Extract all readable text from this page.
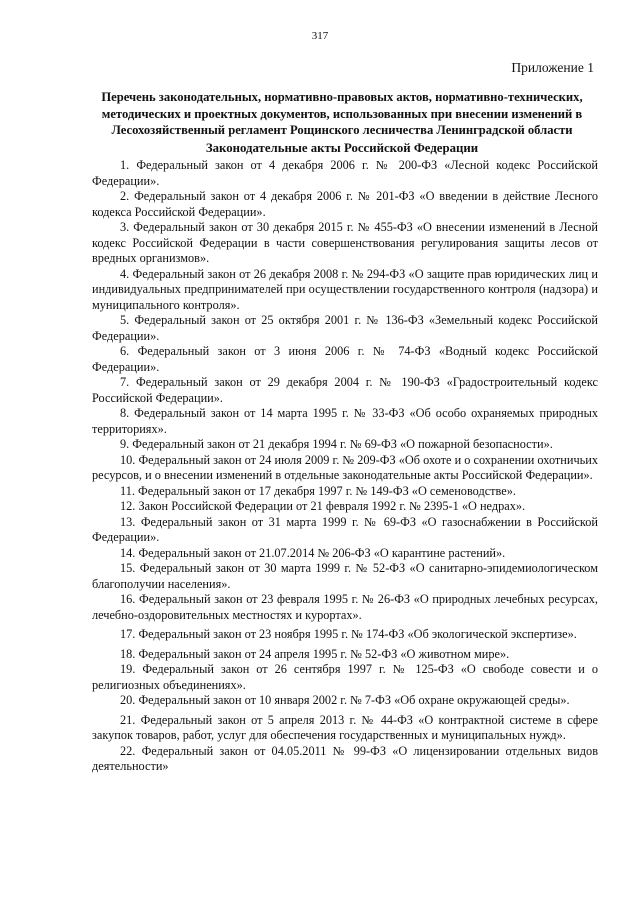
317
Приложение 1
Перечень законодательных, нормативно-правовых актов, нормативно-технических, методических и проектных документов, использованных при внесении изменений в Лесохозяйственный регламент Рощинского лесничества Ленинградской области
Законодательные акты Российской Федерации

1. Федеральный закон от 4 декабря 2006 г. № 200-ФЗ «Лесной кодекс Российской Федерации».

2. Федеральный закон от 4 декабря 2006 г. № 201-ФЗ «О введении в действие Лесного кодекса Российской Федерации».

3. Федеральный закон от 30 декабря 2015 г. № 455-ФЗ «О внесении изменений в Лесной кодекс Российской Федерации в части совершенствования регулирования защиты лесов от вредных организмов».

4. Федеральный закон от 26 декабря 2008 г. № 294-ФЗ «О защите прав юридических лиц и индивидуальных предпринимателей при осуществлении государственного контроля (надзора) и муниципального контроля».

5. Федеральный закон от 25 октября 2001 г. № 136-ФЗ «Земельный кодекс Российской Федерации».

6. Федеральный закон от 3 июня 2006 г. № 74-ФЗ «Водный кодекс Российской Федерации».

7. Федеральный закон от 29 декабря 2004 г. № 190-ФЗ «Градостроительный кодекс Российской Федерации».

8. Федеральный закон от 14 марта 1995 г. № 33-ФЗ «Об особо охраняемых природных территориях».

9. Федеральный закон от 21 декабря 1994 г. № 69-ФЗ «О пожарной безопасности».

10. Федеральный закон от 24 июля 2009 г. № 209-ФЗ «Об охоте и о сохранении охотничьих ресурсов, и о внесении изменений в отдельные законодательные акты Российской Федерации».

11. Федеральный закон от 17 декабря 1997 г. № 149-ФЗ «О семеноводстве».

12. Закон Российской Федерации от 21 февраля 1992 г. № 2395-1 «О недрах».

13. Федеральный закон от 31 марта 1999 г. № 69-ФЗ «О газоснабжении в Российской Федерации».

14. Федеральный закон от 21.07.2014 № 206-ФЗ «О карантине растений».

15. Федеральный закон от 30 марта 1999 г. № 52-ФЗ «О санитарно-эпидемиологическом благополучии населения».

16. Федеральный закон от 23 февраля 1995 г. № 26-ФЗ «О природных лечебных ресурсах, лечебно-оздоровительных местностях и курортах».

17. Федеральный закон от 23 ноября 1995 г. № 174-ФЗ «Об экологической экспертизе».

18. Федеральный закон от 24 апреля 1995 г. № 52-ФЗ «О животном мире».

19. Федеральный закон от 26 сентября 1997 г. № 125-ФЗ «О свободе совести и о религиозных объединениях».

20. Федеральный закон от 10 января 2002 г. № 7-ФЗ «Об охране окружающей среды».

21. Федеральный закон от 5 апреля 2013 г. № 44-ФЗ «О контрактной системе в сфере закупок товаров, работ, услуг для обеспечения государственных и муниципальных нужд».

22. Федеральный закон от 04.05.2011 № 99-ФЗ «О лицензировании отдельных видов деятельности»
